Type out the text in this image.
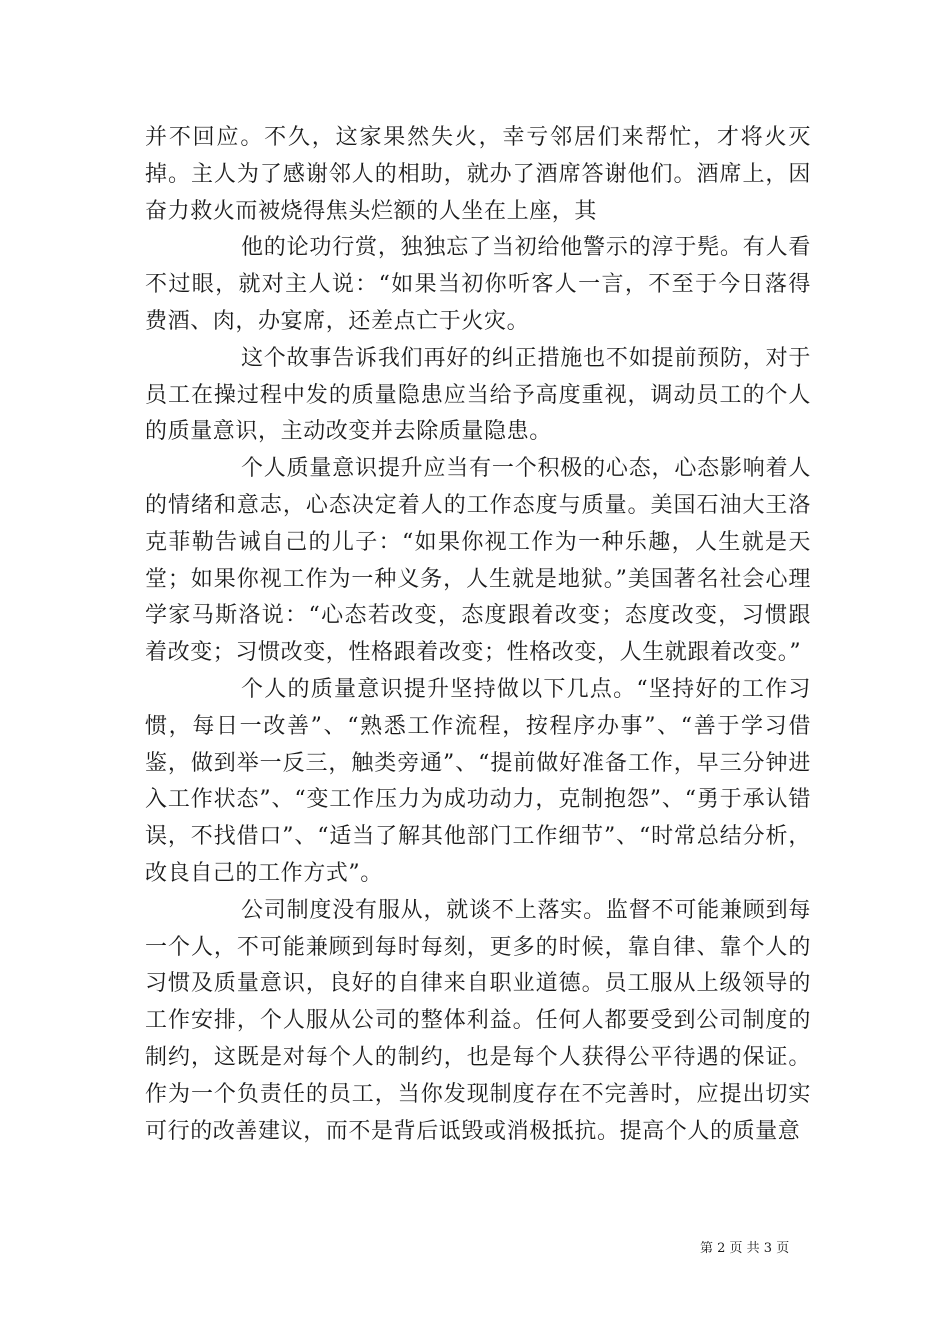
并不回应。不久，这家果然失火，幸亏邻居们来帮忙，才将火灭掉。主人为了感谢邻人的相助，就办了酒席答谢他们。酒席上，因奋力救火而被烧得焦头烂额的人坐在上座，其

他的论功行赏，独独忘了当初给他警示的淳于髡。有人看不过眼，就对主人说：“如果当初你听客人一言，不至于今日落得费酒、肉，办宴席，还差点亡于火灾。

这个故事告诉我们再好的纠正措施也不如提前预防，对于员工在操过程中发的质量隐患应当给予高度重视，调动员工的个人的质量意识，主动改变并去除质量隐患。

个人质量意识提升应当有一个积极的心态，心态影响着人的情绪和意志，心态决定着人的工作态度与质量。美国石油大王洛克菲勒告诫自己的儿子：“如果你视工作为一种乐趣，人生就是天堂；如果你视工作为一种义务，人生就是地狱。”美国著名社会心理学家马斯洛说：“心态若改变，态度跟着改变；态度改变，习惯跟着改变；习惯改变，性格跟着改变；性格改变，人生就跟着改变。”

个人的质量意识提升坚持做以下几点。“坚持好的工作习惯，每日一改善”、“熟悉工作流程，按程序办事”、“善于学习借鉴，做到举一反三，触类旁通”、“提前做好准备工作，早三分钟进入工作状态”、“变工作压力为成功动力，克制抱怨”、“勇于承认错误，不找借口”、“适当了解其他部门工作细节”、“时常总结分析，改良自己的工作方式”。

公司制度没有服从，就谈不上落实。监督不可能兼顾到每一个人，不可能兼顾到每时每刻，更多的时候，靠自律、靠个人的习惯及质量意识，良好的自律来自职业道德。员工服从上级领导的工作安排，个人服从公司的整体利益。任何人都要受到公司制度的制约，这既是对每个人的制约，也是每个人获得公平待遇的保证。作为一个负责任的员工，当你发现制度存在不完善时，应提出切实可行的改善建议，而不是背后诋毁或消极抵抗。提高个人的质量意

第 2 页 共 3 页
